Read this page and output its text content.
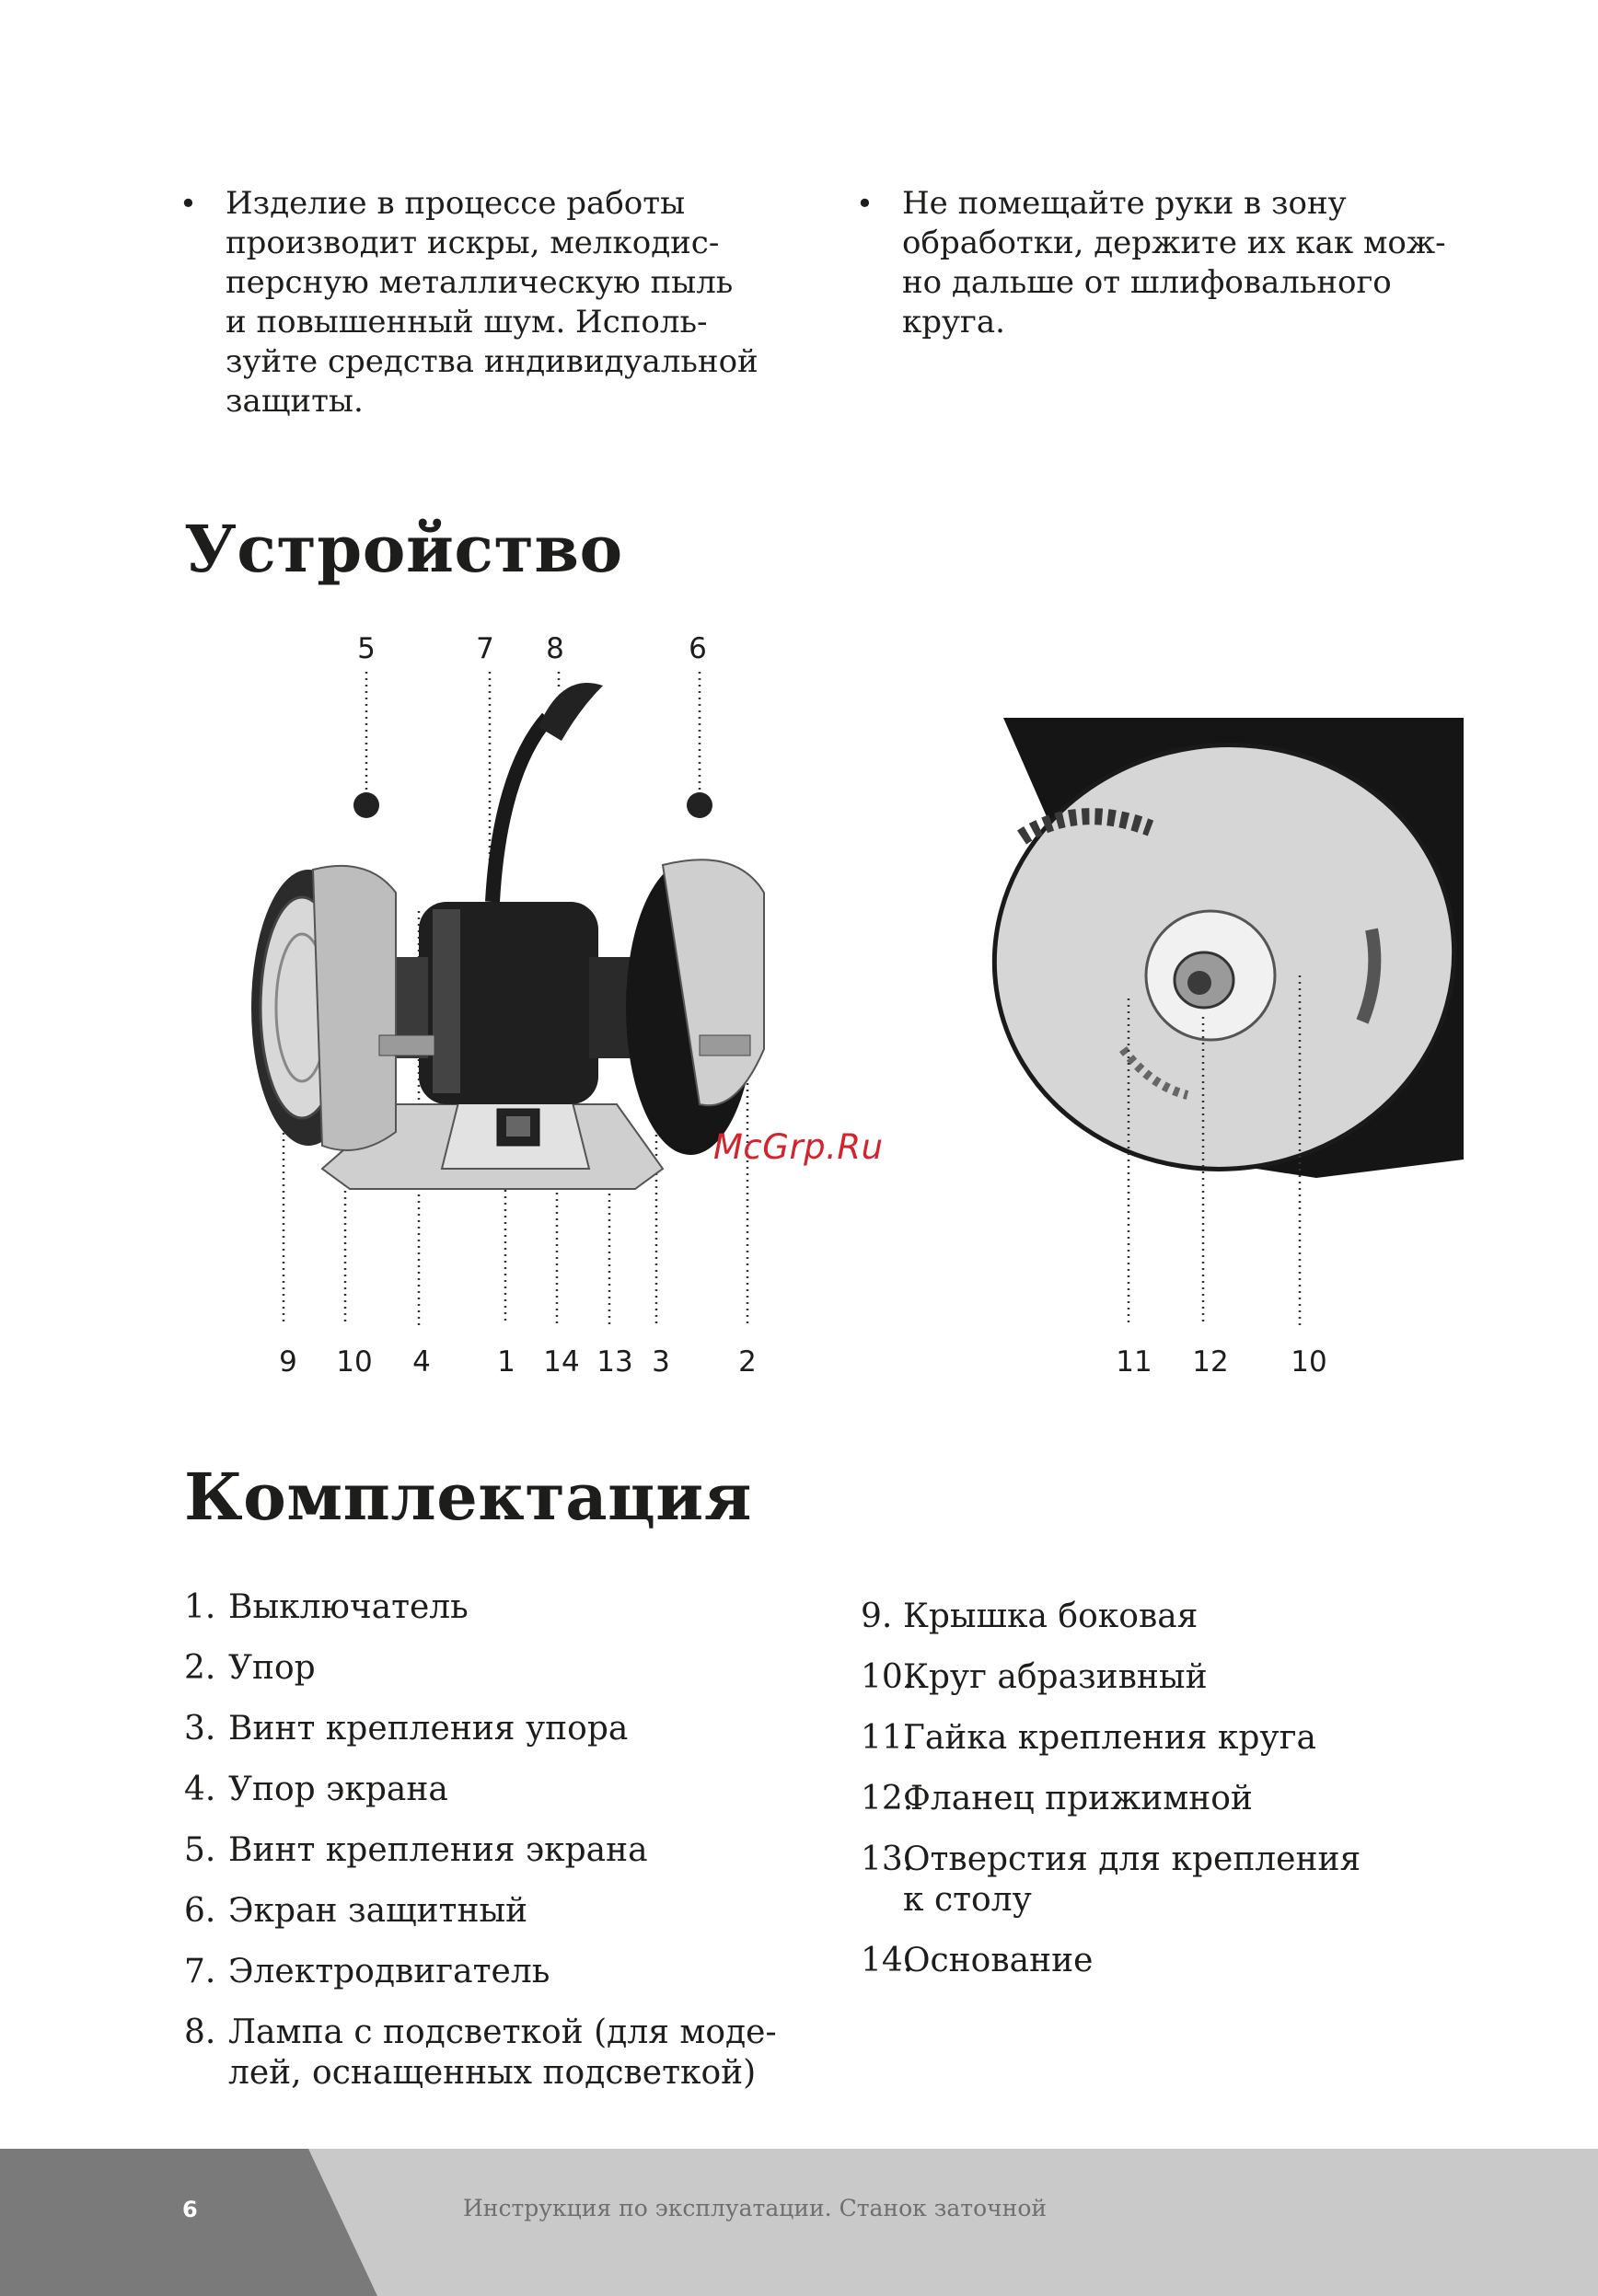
• Изделие в процессе работы
производит искры, мелкодис-
персную металлическую пыль
и повышенный шум. Исполь-
зуйте средства индивидуальной
защиты.
• Не помещайте руки в зону
обработки, держите их как мож-
но дальше от шлифовального
круга.
Устройство
5	7 8	6
9 10 4 1 14 13 3 2	11 12 10
McGrp.Ru
Комплектация
1. Выключатель
2. Упор
3. Винт крепления упора
4. Упор экрана
5. Винт крепления экрана
6. Экран защитный
7. Электродвигатель
8. Лампа с подсветкой (для моде-
лей, оснащенных подсветкой)
9. Крышка боковая
10.
Круг абразивный
11.
Гайка крепления круга
12.
Фланец прижимной
13.
Отверстия для крепления
к столу
14.
Основание
6	Инструкция по эксплуатации. Станок заточной
